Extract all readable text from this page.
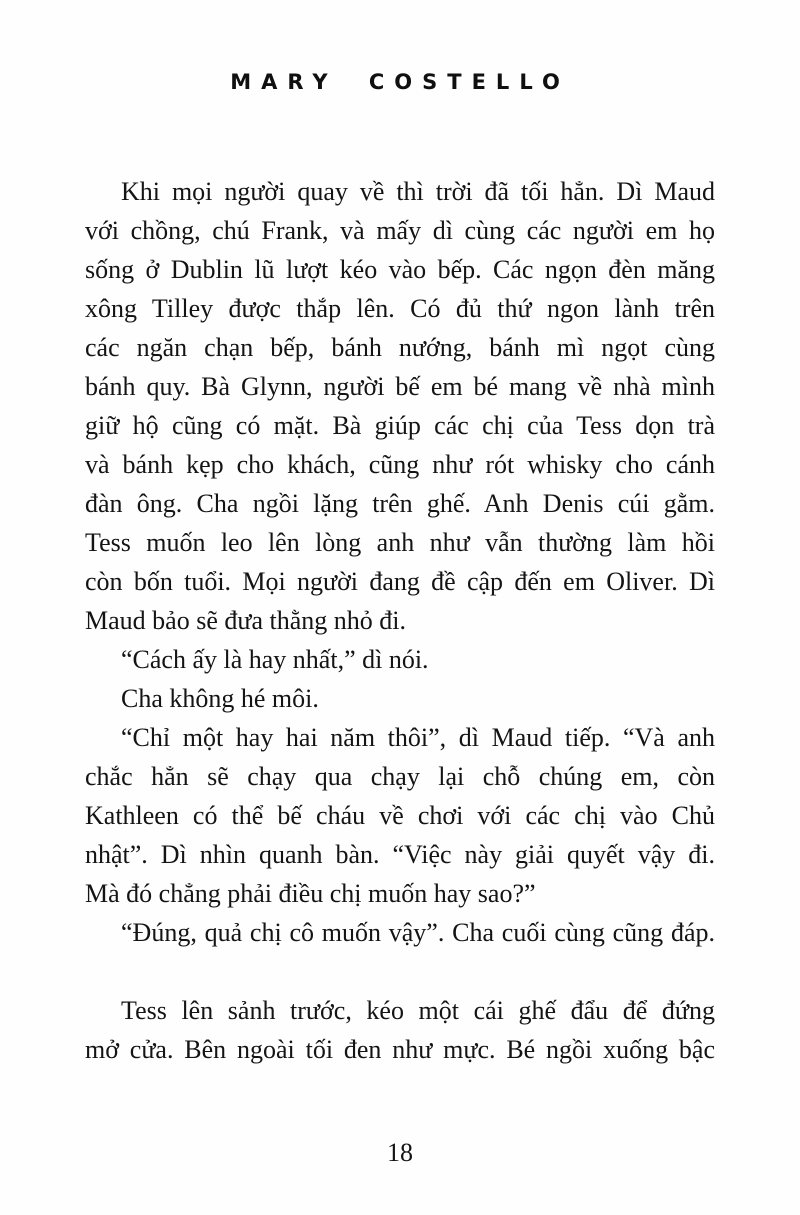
MARY COSTELLO
Khi mọi người quay về thì trời đã tối hẳn. Dì Maud
với chồng, chú Frank, và mấy dì cùng các người em họ
sống ở Dublin lũ lượt kéo vào bếp. Các ngọn đèn măng
xông Tilley được thắp lên. Có đủ thứ ngon lành trên
các ngăn chạn bếp, bánh nướng, bánh mì ngọt cùng
bánh quy. Bà Glynn, người bế em bé mang về nhà mình
giữ hộ cũng có mặt. Bà giúp các chị của Tess dọn trà
và bánh kẹp cho khách, cũng như rót whisky cho cánh
đàn ông. Cha ngồi lặng trên ghế. Anh Denis cúi gằm.
Tess muốn leo lên lòng anh như vẫn thường làm hồi
còn bốn tuổi. Mọi người đang đề cập đến em Oliver. Dì
Maud bảo sẽ đưa thằng nhỏ đi.
“Cách ấy là hay nhất,” dì nói.
Cha không hé môi.
“Chỉ một hay hai năm thôi”, dì Maud tiếp. “Và anh
chắc hẳn sẽ chạy qua chạy lại chỗ chúng em, còn
Kathleen có thể bế cháu về chơi với các chị vào Chủ
nhật”. Dì nhìn quanh bàn. “Việc này giải quyết vậy đi.
Mà đó chẳng phải điều chị muốn hay sao?”
“Đúng, quả chị cô muốn vậy”. Cha cuối cùng cũng đáp.
Tess lên sảnh trước, kéo một cái ghế đẩu để đứng
mở cửa. Bên ngoài tối đen như mực. Bé ngồi xuống bậc
18
